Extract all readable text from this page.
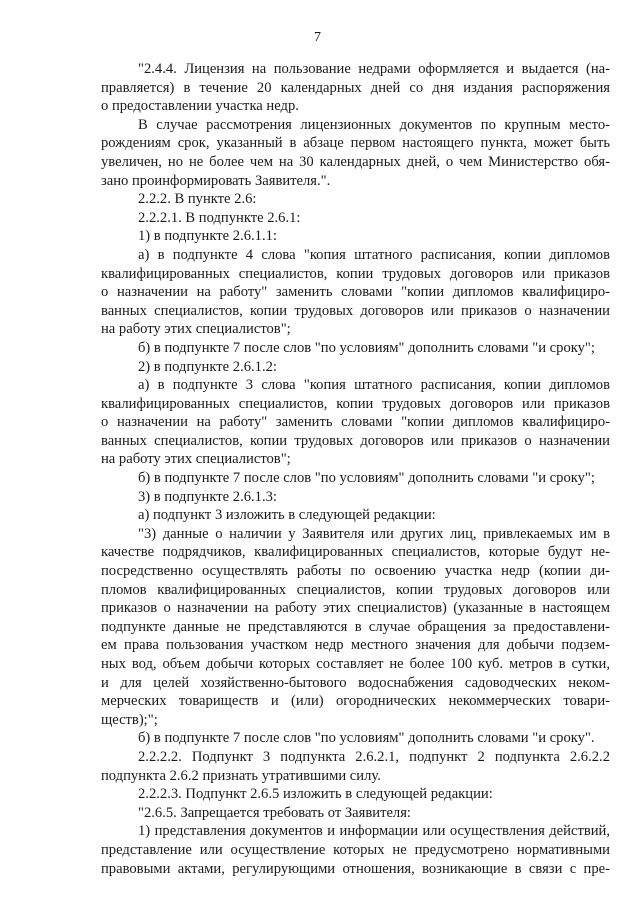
7
"2.4.4. Лицензия на пользование недрами оформляется и выдается (на-
правляется) в течение 20 календарных дней со дня издания распоряжения
о предоставлении участка недр.
В случае рассмотрения лицензионных документов по крупным место-
рождениям срок, указанный в абзаце первом настоящего пункта, может быть
увеличен, но не более чем на 30 календарных дней, о чем Министерство обя-
зано проинформировать Заявителя.".
2.2.2. В пункте 2.6:
2.2.2.1. В подпункте 2.6.1:
1) в подпункте 2.6.1.1:
а) в подпункте 4 слова "копия штатного расписания, копии дипломов
квалифицированных специалистов, копии трудовых договоров или приказов
о назначении на работу" заменить словами "копии дипломов квалифициро-
ванных специалистов, копии трудовых договоров или приказов о назначении
на работу этих специалистов";
б) в подпункте 7 после слов "по условиям" дополнить словами "и сроку";
2) в подпункте 2.6.1.2:
а) в подпункте 3 слова "копия штатного расписания, копии дипломов
квалифицированных специалистов, копии трудовых договоров или приказов
о назначении на работу" заменить словами "копии дипломов квалифициро-
ванных специалистов, копии трудовых договоров или приказов о назначении
на работу этих специалистов";
б) в подпункте 7 после слов "по условиям" дополнить словами "и сроку";
3) в подпункте 2.6.1.3:
а) подпункт 3 изложить в следующей редакции:
"3) данные о наличии у Заявителя или других лиц, привлекаемых им в
качестве подрядчиков, квалифицированных специалистов, которые будут не-
посредственно осуществлять работы по освоению участка недр (копии ди-
пломов квалифицированных специалистов, копии трудовых договоров или
приказов о назначении на работу этих специалистов) (указанные в настоящем
подпункте данные не представляются в случае обращения за предоставлени-
ем права пользования участком недр местного значения для добычи подзем-
ных вод, объем добычи которых составляет не более 100 куб. метров в сутки,
и для целей хозяйственно-бытового водоснабжения садоводческих неком-
мерческих товариществ и (или) огороднических некоммерческих товари-
ществ);";
б) в подпункте 7 после слов "по условиям" дополнить словами "и сроку".
2.2.2.2. Подпункт 3 подпункта 2.6.2.1, подпункт 2 подпункта 2.6.2.2
подпункта 2.6.2 признать утратившими силу.
2.2.2.3. Подпункт 2.6.5 изложить в следующей редакции:
"2.6.5. Запрещается требовать от Заявителя:
1) представления документов и информации или осуществления действий,
представление или осуществление которых не предусмотрено нормативными
правовыми актами, регулирующими отношения, возникающие в связи с пре-
